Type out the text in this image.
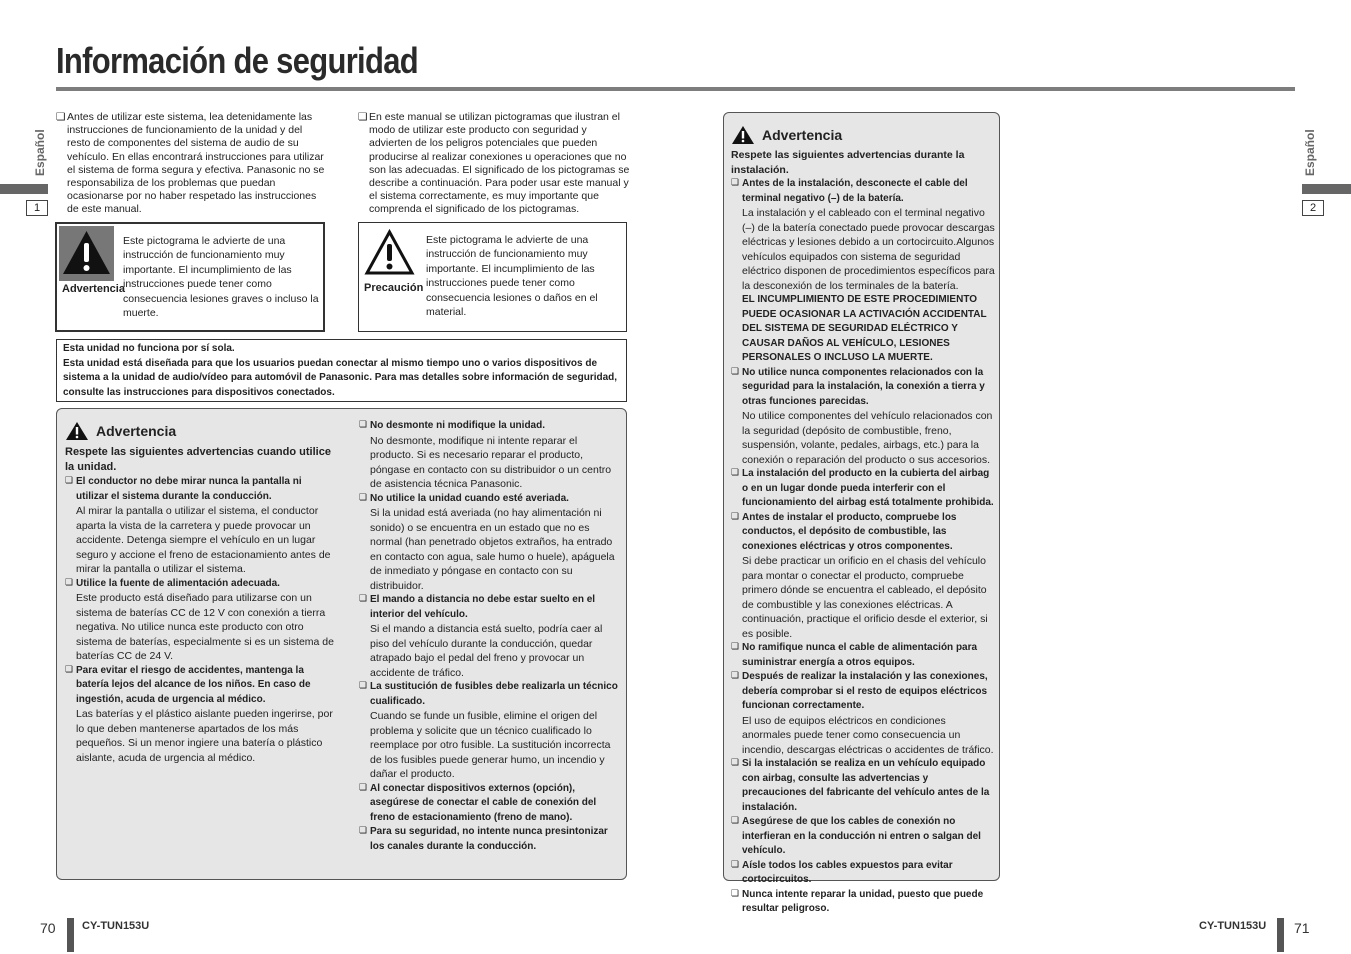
Información de seguridad
Español
1
Español
2
❏ Antes de utilizar este sistema, lea detenidamente las instrucciones de funcionamiento de la unidad y del resto de componentes del sistema de audio de su vehículo. En ellas encontrará instrucciones para utilizar el sistema de forma segura y efectiva. Panasonic no se responsabiliza de los problemas que puedan ocasionarse por no haber respetado las instrucciones de este manual.
❏ En este manual se utilizan pictogramas que ilustran el modo de utilizar este producto con seguridad y advierten de los peligros potenciales que pueden producirse al realizar conexiones u operaciones que no son las adecuadas. El significado de los pictogramas se describe a continuación. Para poder usar este manual y el sistema correctamente, es muy importante que comprenda el significado de los pictogramas.
Advertencia
Este pictograma le advierte de una instrucción de funcionamiento muy importante. El incumplimiento de las instrucciones puede tener como consecuencia lesiones graves o incluso la muerte.
Precaución
Este pictograma le advierte de una instrucción de funcionamiento muy importante. El incumplimiento de las instrucciones puede tener como consecuencia lesiones o daños en el material.
Esta unidad no funciona por sí sola.
Esta unidad está diseñada para que los usuarios puedan conectar al mismo tiempo uno o varios dispositivos de sistema a la unidad de audio/vídeo para automóvil de Panasonic. Para mas detalles sobre información de seguridad, consulte las instrucciones para dispositivos conectados.
Advertencia
Respete las siguientes advertencias cuando utilice la unidad.
❏ El conductor no debe mirar nunca la pantalla ni utilizar el sistema durante la conducción.
Al mirar la pantalla o utilizar el sistema, el conductor aparta la vista de la carretera y puede provocar un accidente. Detenga siempre el vehículo en un lugar seguro y accione el freno de estacionamiento antes de mirar la pantalla o utilizar el sistema.
❏ Utilice la fuente de alimentación adecuada.
Este producto está diseñado para utilizarse con un sistema de baterías CC de 12 V con conexión a tierra negativa. No utilice nunca este producto con otro sistema de baterías, especialmente si es un sistema de baterías CC de 24 V.
❏ Para evitar el riesgo de accidentes, mantenga la batería lejos del alcance de los niños. En caso de ingestión, acuda de urgencia al médico.
Las baterías y el plástico aislante pueden ingerirse, por lo que deben mantenerse apartados de los más pequeños. Si un menor ingiere una batería o plástico aislante, acuda de urgencia al médico.
❏ No desmonte ni modifique la unidad.
No desmonte, modifique ni intente reparar el producto. Si es necesario reparar el producto, póngase en contacto con su distribuidor o un centro de asistencia técnica Panasonic.
❏ No utilice la unidad cuando esté averiada.
Si la unidad está averiada (no hay alimentación ni sonido) o se encuentra en un estado que no es normal (han penetrado objetos extraños, ha entrado en contacto con agua, sale humo o huele), apáguela de inmediato y póngase en contacto con su distribuidor.
❏ El mando a distancia no debe estar suelto en el interior del vehículo.
Si el mando a distancia está suelto, podría caer al piso del vehículo durante la conducción, quedar atrapado bajo el pedal del freno y provocar un accidente de tráfico.
❏ La sustitución de fusibles debe realizarla un técnico cualificado.
Cuando se funde un fusible, elimine el origen del problema y solicite que un técnico cualificado lo reemplace por otro fusible. La sustitución incorrecta de los fusibles puede generar humo, un incendio y dañar el producto.
❏ Al conectar dispositivos externos (opción), asegúrese de conectar el cable de conexión del freno de estacionamiento (freno de mano).
❏ Para su seguridad, no intente nunca presintonizar los canales durante la conducción.
Advertencia
Respete las siguientes advertencias durante la instalación.
❏ Antes de la instalación, desconecte el cable del terminal negativo (–) de la batería.
La instalación y el cableado con el terminal negativo (–) de la batería conectado puede provocar descargas eléctricas y lesiones debido a un cortocircuito.Algunos vehículos equipados con sistema de seguridad eléctrico disponen de procedimientos específicos para la desconexión de los terminales de la batería.
EL INCUMPLIMIENTO DE ESTE PROCEDIMIENTO PUEDE OCASIONAR LA ACTIVACIÓN ACCIDENTAL DEL SISTEMA DE SEGURIDAD ELÉCTRICO Y CAUSAR DAÑOS AL VEHÍCULO, LESIONES PERSONALES O INCLUSO LA MUERTE.
❏ No utilice nunca componentes relacionados con la seguridad para la instalación, la conexión a tierra y otras funciones parecidas.
No utilice componentes del vehículo relacionados con la seguridad (depósito de combustible, freno, suspensión, volante, pedales, airbags, etc.) para la conexión o reparación del producto o sus accesorios.
❏ La instalación del producto en la cubierta del airbag o en un lugar donde pueda interferir con el funcionamiento del airbag está totalmente prohibida.
❏ Antes de instalar el producto, compruebe los conductos, el depósito de combustible, las conexiones eléctricas y otros componentes.
Si debe practicar un orificio en el chasis del vehículo para montar o conectar el producto, compruebe primero dónde se encuentra el cableado, el depósito de combustible y las conexiones eléctricas. A continuación, practique el orificio desde el exterior, si es posible.
❏ No ramifique nunca el cable de alimentación para suministrar energía a otros equipos.
❏ Después de realizar la instalación y las conexiones, debería comprobar si el resto de equipos eléctricos funcionan correctamente.
El uso de equipos eléctricos en condiciones anormales puede tener como consecuencia un incendio, descargas eléctricas o accidentes de tráfico.
❏ Si la instalación se realiza en un vehículo equipado con airbag, consulte las advertencias y precauciones del fabricante del vehículo antes de la instalación.
❏ Asegúrese de que los cables de conexión no interfieran en la conducción ni entren o salgan del vehículo.
❏ Aísle todos los cables expuestos para evitar cortocircuitos.
❏ Nunca intente reparar la unidad, puesto que puede resultar peligroso.
70 CY-TUN153U	CY-TUN153U 71
